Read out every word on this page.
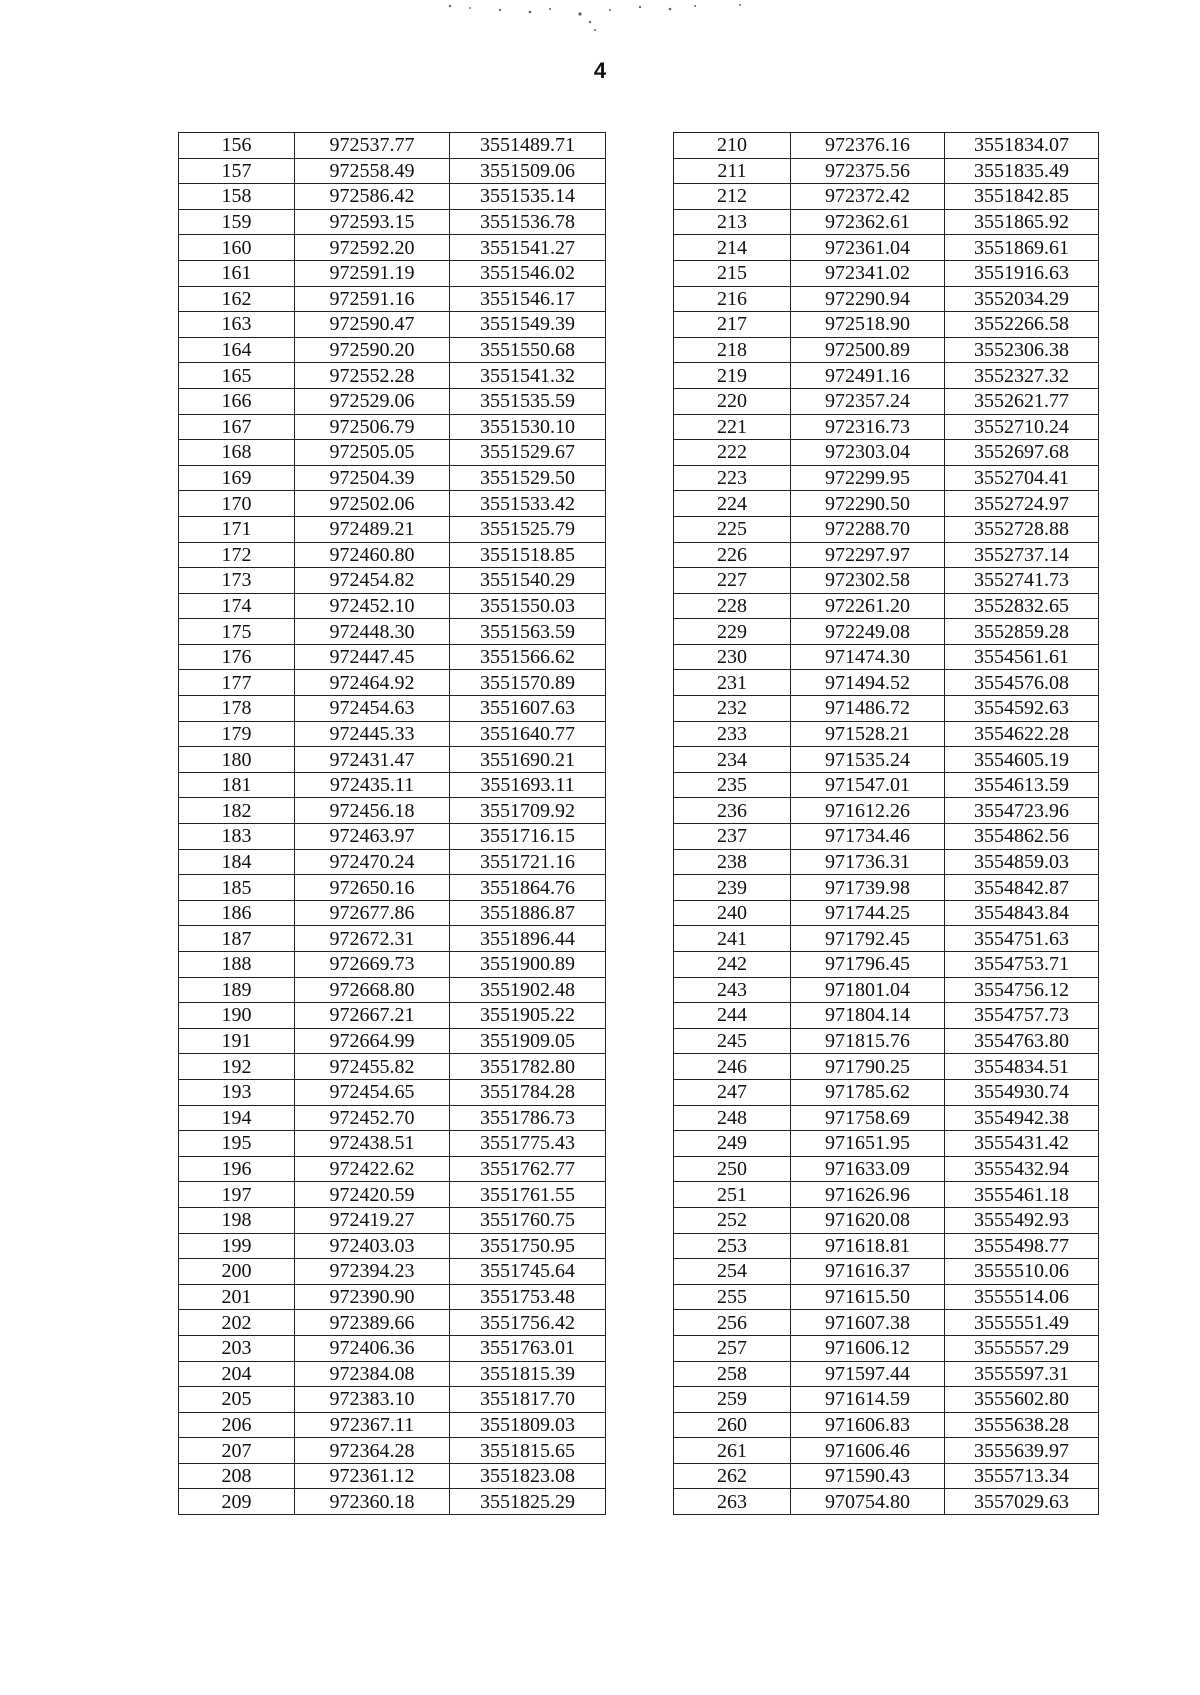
4
156	972537.77	3551489.71
157	972558.49	3551509.06
158	972586.42	3551535.14
159	972593.15	3551536.78
160	972592.20	3551541.27
161	972591.19	3551546.02
162	972591.16	3551546.17
163	972590.47	3551549.39
164	972590.20	3551550.68
165	972552.28	3551541.32
166	972529.06	3551535.59
167	972506.79	3551530.10
168	972505.05	3551529.67
169	972504.39	3551529.50
170	972502.06	3551533.42
171	972489.21	3551525.79
172	972460.80	3551518.85
173	972454.82	3551540.29
174	972452.10	3551550.03
175	972448.30	3551563.59
176	972447.45	3551566.62
177	972464.92	3551570.89
178	972454.63	3551607.63
179	972445.33	3551640.77
180	972431.47	3551690.21
181	972435.11	3551693.11
182	972456.18	3551709.92
183	972463.97	3551716.15
184	972470.24	3551721.16
185	972650.16	3551864.76
186	972677.86	3551886.87
187	972672.31	3551896.44
188	972669.73	3551900.89
189	972668.80	3551902.48
190	972667.21	3551905.22
191	972664.99	3551909.05
192	972455.82	3551782.80
193	972454.65	3551784.28
194	972452.70	3551786.73
195	972438.51	3551775.43
196	972422.62	3551762.77
197	972420.59	3551761.55
198	972419.27	3551760.75
199	972403.03	3551750.95
200	972394.23	3551745.64
201	972390.90	3551753.48
202	972389.66	3551756.42
203	972406.36	3551763.01
204	972384.08	3551815.39
205	972383.10	3551817.70
206	972367.11	3551809.03
207	972364.28	3551815.65
208	972361.12	3551823.08
209	972360.18	3551825.29
210	972376.16	3551834.07
211	972375.56	3551835.49
212	972372.42	3551842.85
213	972362.61	3551865.92
214	972361.04	3551869.61
215	972341.02	3551916.63
216	972290.94	3552034.29
217	972518.90	3552266.58
218	972500.89	3552306.38
219	972491.16	3552327.32
220	972357.24	3552621.77
221	972316.73	3552710.24
222	972303.04	3552697.68
223	972299.95	3552704.41
224	972290.50	3552724.97
225	972288.70	3552728.88
226	972297.97	3552737.14
227	972302.58	3552741.73
228	972261.20	3552832.65
229	972249.08	3552859.28
230	971474.30	3554561.61
231	971494.52	3554576.08
232	971486.72	3554592.63
233	971528.21	3554622.28
234	971535.24	3554605.19
235	971547.01	3554613.59
236	971612.26	3554723.96
237	971734.46	3554862.56
238	971736.31	3554859.03
239	971739.98	3554842.87
240	971744.25	3554843.84
241	971792.45	3554751.63
242	971796.45	3554753.71
243	971801.04	3554756.12
244	971804.14	3554757.73
245	971815.76	3554763.80
246	971790.25	3554834.51
247	971785.62	3554930.74
248	971758.69	3554942.38
249	971651.95	3555431.42
250	971633.09	3555432.94
251	971626.96	3555461.18
252	971620.08	3555492.93
253	971618.81	3555498.77
254	971616.37	3555510.06
255	971615.50	3555514.06
256	971607.38	3555551.49
257	971606.12	3555557.29
258	971597.44	3555597.31
259	971614.59	3555602.80
260	971606.83	3555638.28
261	971606.46	3555639.97
262	971590.43	3555713.34
263	970754.80	3557029.63
